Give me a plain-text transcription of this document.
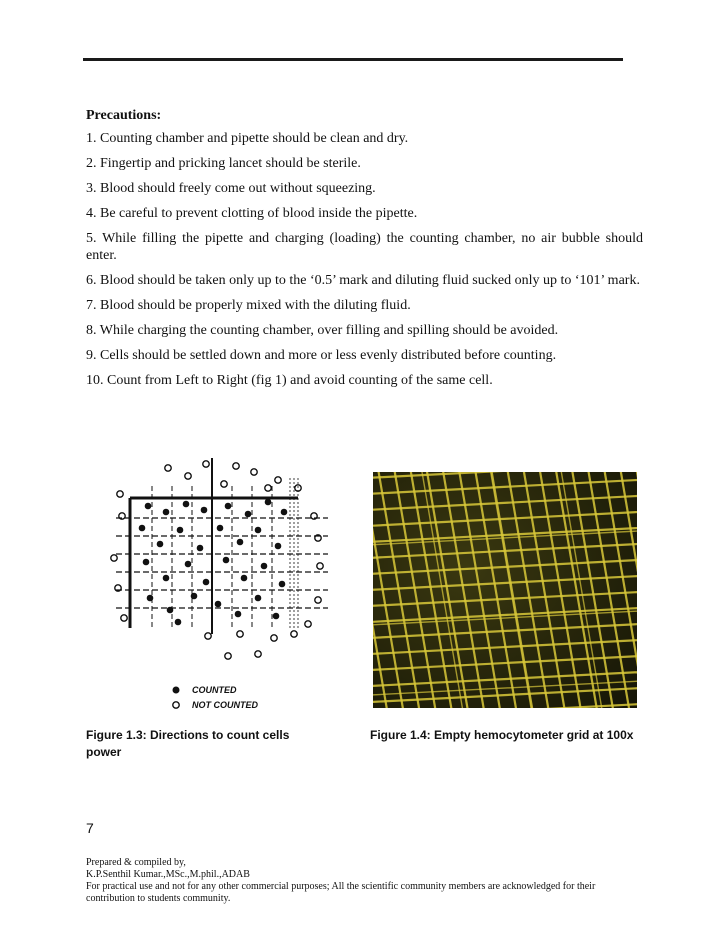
Precautions:
1. Counting chamber and pipette should be clean and dry.
2. Fingertip and pricking lancet should be sterile.
3. Blood should freely come out without squeezing.
4. Be careful to prevent clotting of blood inside the pipette.
5. While filling the pipette and charging (loading) the counting chamber, no air bubble should enter.
6. Blood should be taken only up to the ‘0.5’ mark and diluting fluid sucked only up to ‘101’ mark.
7. Blood should be properly mixed with the diluting fluid.
8. While charging the counting chamber, over filling and spilling should be avoided.
9. Cells should be settled down and more or less evenly distributed before counting.
10. Count from Left to Right (fig 1) and avoid counting of the same cell.
COUNTED
NOT COUNTED
Figure 1.3: Directions to count cells power
Figure 1.4: Empty hemocytometer grid at 100x
7
Prepared & compiled by,
K.P.Senthil Kumar.,MSc.,M.phil.,ADAB
For practical use and not for any other commercial purposes; All the scientific community members are acknowledged for their contribution to students community.
